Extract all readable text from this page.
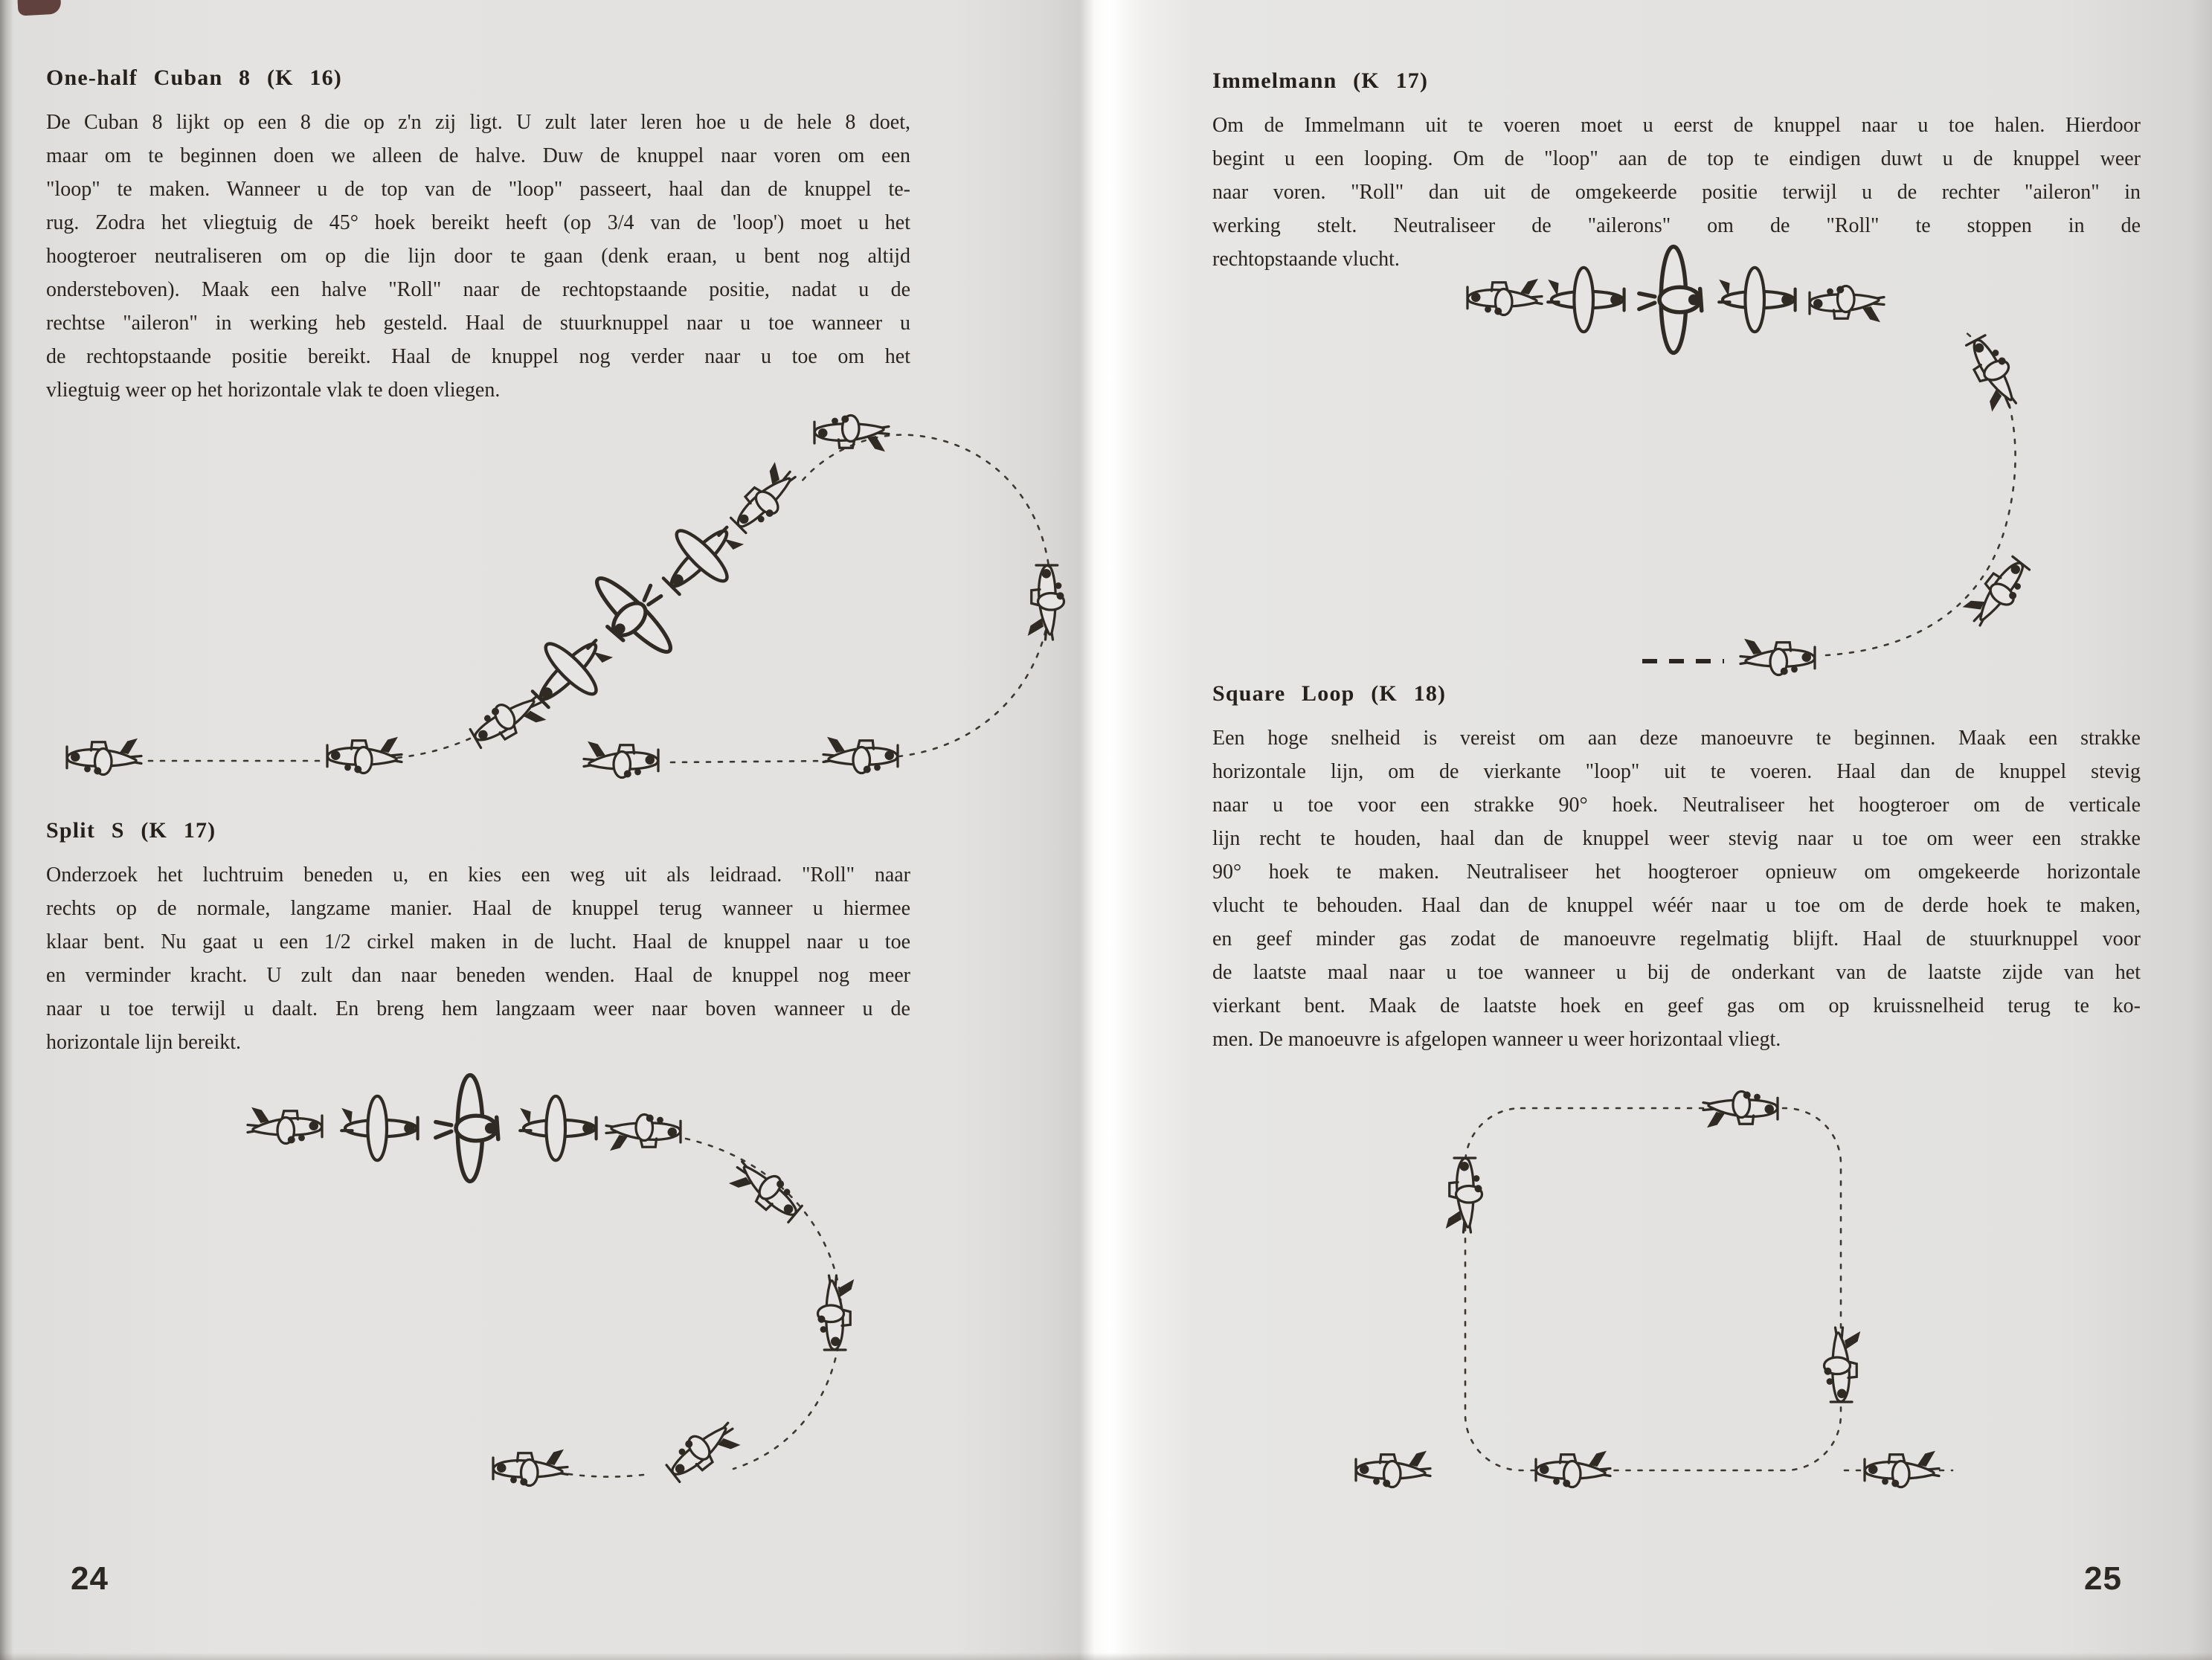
One-half Cuban 8 (K 16)
De Cuban 8 lijkt op een 8 die op z'n zij ligt. U zult later leren hoe u de hele 8 doet,
maar om te beginnen doen we alleen de halve. Duw de knuppel naar voren om een
"loop" te maken. Wanneer u de top van de "loop" passeert, haal dan de knuppel te-
rug. Zodra het vliegtuig de 45° hoek bereikt heeft (op 3/4 van de 'loop') moet u het
hoogteroer neutraliseren om op die lijn door te gaan (denk eraan, u bent nog altijd
ondersteboven). Maak een halve "Roll" naar de rechtopstaande positie, nadat u de
rechtse "aileron" in werking heb gesteld. Haal de stuurknuppel naar u toe wanneer u
de rechtopstaande positie bereikt. Haal de knuppel nog verder naar u toe om het
vliegtuig weer op het horizontale vlak te doen vliegen.
Split S (K 17)
Onderzoek het luchtruim beneden u, en kies een weg uit als leidraad. "Roll" naar
rechts op de normale, langzame manier. Haal de knuppel terug wanneer u hiermee
klaar bent. Nu gaat u een 1/2 cirkel maken in de lucht. Haal de knuppel naar u toe
en verminder kracht. U zult dan naar beneden wenden. Haal de knuppel nog meer
naar u toe terwijl u daalt. En breng hem langzaam weer naar boven wanneer u de
horizontale lijn bereikt.
24
Immelmann (K 17)
Om de Immelmann uit te voeren moet u eerst de knuppel naar u toe halen. Hierdoor
begint u een looping. Om de "loop" aan de top te eindigen duwt u de knuppel weer
naar voren. "Roll" dan uit de omgekeerde positie terwijl u de rechter "aileron" in
werking stelt. Neutraliseer de "ailerons" om de "Roll" te stoppen in de
rechtopstaande vlucht.
Square Loop (K 18)
Een hoge snelheid is vereist om aan deze manoeuvre te beginnen. Maak een strakke
horizontale lijn, om de vierkante "loop" uit te voeren. Haal dan de knuppel stevig
naar u toe voor een strakke 90° hoek. Neutraliseer het hoogteroer om de verticale
lijn recht te houden, haal dan de knuppel weer stevig naar u toe om weer een strakke
90° hoek te maken. Neutraliseer het hoogteroer opnieuw om omgekeerde horizontale
vlucht te behouden. Haal dan de knuppel wéér naar u toe om de derde hoek te maken,
en geef minder gas zodat de manoeuvre regelmatig blijft. Haal de stuurknuppel voor
de laatste maal naar u toe wanneer u bij de onderkant van de laatste zijde van het
vierkant bent. Maak de laatste hoek en geef gas om op kruissnelheid terug te ko-
men. De manoeuvre is afgelopen wanneer u weer horizontaal vliegt.
25
